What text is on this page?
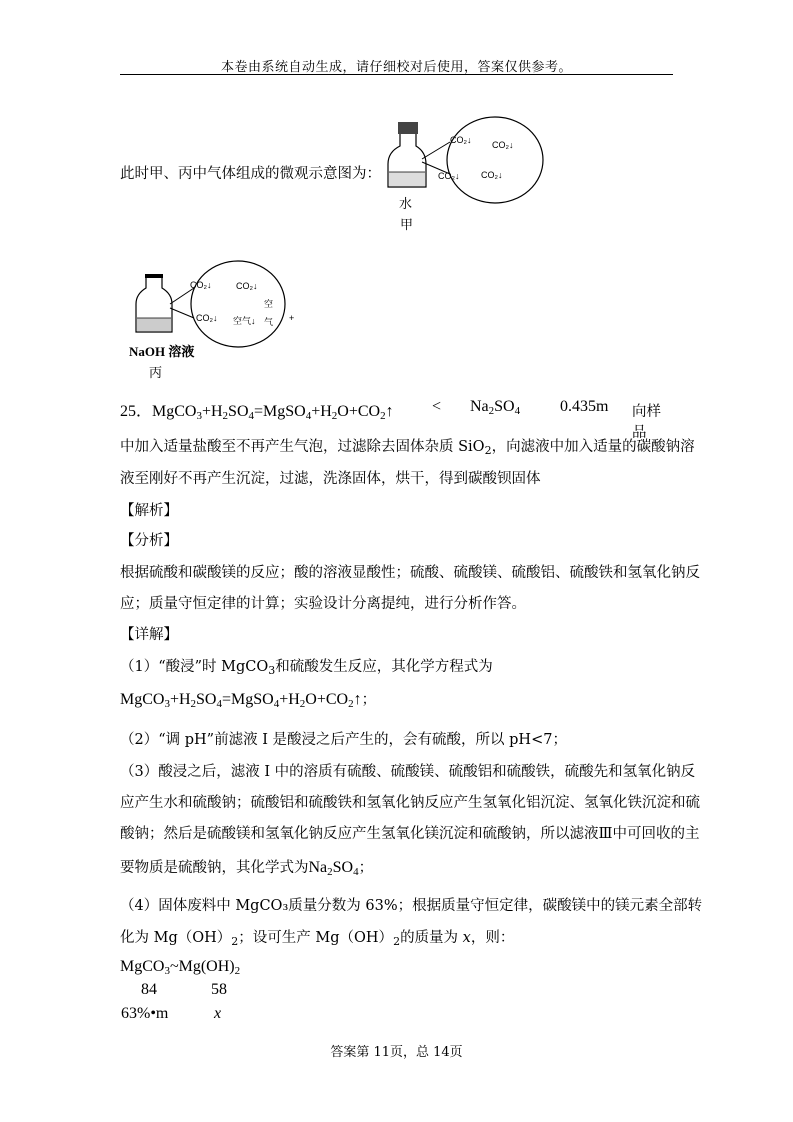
本卷由系统自动生成，请仔细校对后使用，答案仅供参考。
此时甲、丙中气体组成的微观示意图为：
CO₂↓ CO₂↓
CO₂↓ CO₂↓
水
甲
CO₂↓	CO₂↓
CO₂↓ 空气↓
空
气 +
NaOH 溶液
丙
25．$MgCO_3+H_2SO_4=MgSO_4+H_2O+CO_2↑ < Na_2SO_4$ 0.435m 向样品
中加入适量盐酸至不再产生气泡，过滤除去固体杂质 SiO$_2$，向滤液中加入适量的碳酸钠溶
液至刚好不再产生沉淀，过滤，洗涤固体，烘干，得到碳酸钡固体
【解析】
【分析】
根据硫酸和碳酸镁的反应；酸的溶液显酸性；硫酸、硫酸镁、硫酸铝、硫酸铁和氢氧化钠反
应；质量守恒定律的计算；实验设计分离提纯，进行分析作答。
【详解】
（1）“酸浸”时 MgCO$_3$和硫酸发生反应，其化学方程式为
$MgCO_3+H_2SO_4=MgSO_4+H_2O+CO_2↑$；
（2）“调 pH”前滤液 I 是酸浸之后产生的，会有硫酸，所以 pH<7；
（3）酸浸之后，滤液 I 中的溶质有硫酸、硫酸镁、硫酸铝和硫酸铁，硫酸先和氢氧化钠反
应产生水和硫酸钠；硫酸铝和硫酸铁和氢氧化钠反应产生氢氧化铝沉淀、氢氧化铁沉淀和硫
酸钠；然后是硫酸镁和氢氧化钠反应产生氢氧化镁沉淀和硫酸钠，所以滤液Ⅲ中可回收的主
要物质是硫酸钠，其化学式为$Na_2SO_4$；
（4）固体废料中 MgCO₃质量分数为 63%；根据质量守恒定律，碳酸镁中的镁元素全部转
化为 $Mg(OH)_2$；设可生产 $Mg(OH)_2$的质量为 x，则：
$MgCO_3\sim Mg(OH)_2$
84	58
63%•m	x
答案第 11页，总 14页
